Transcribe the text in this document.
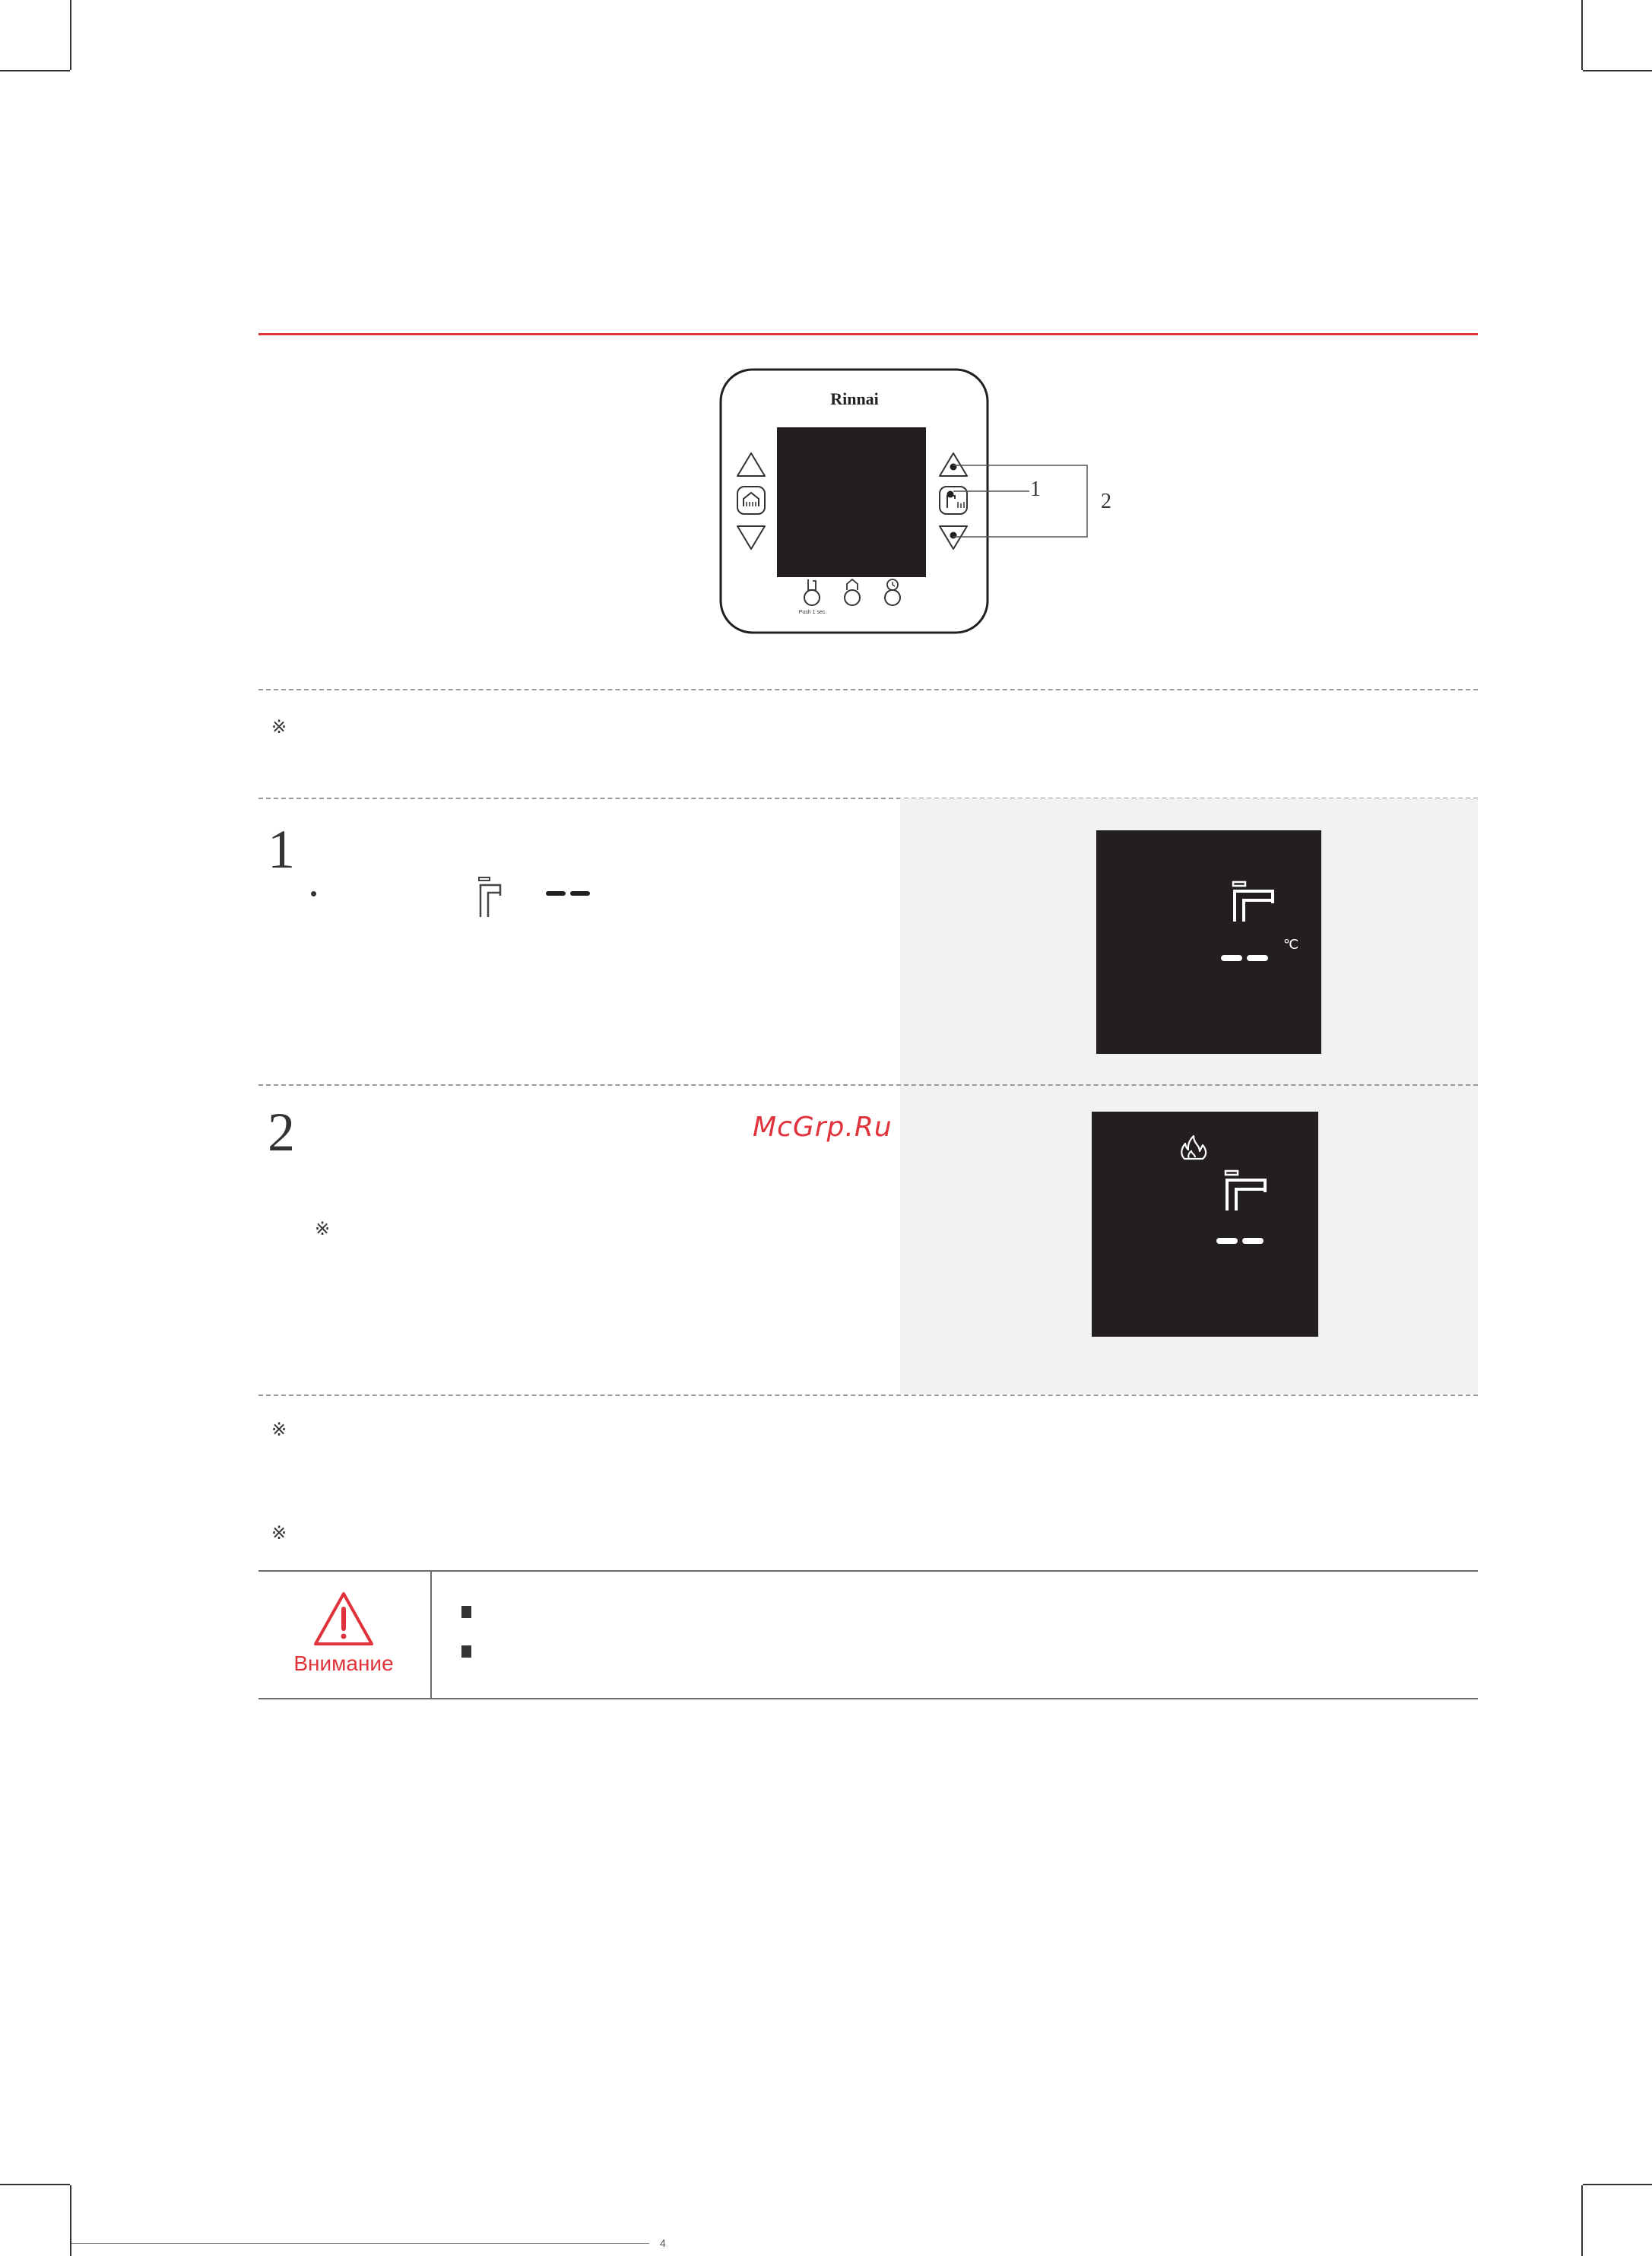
Rinnai
Push 1 sec.
1
2
※
1
•
℃
2
※
McGrp.Ru
※
※
Внимание
4
